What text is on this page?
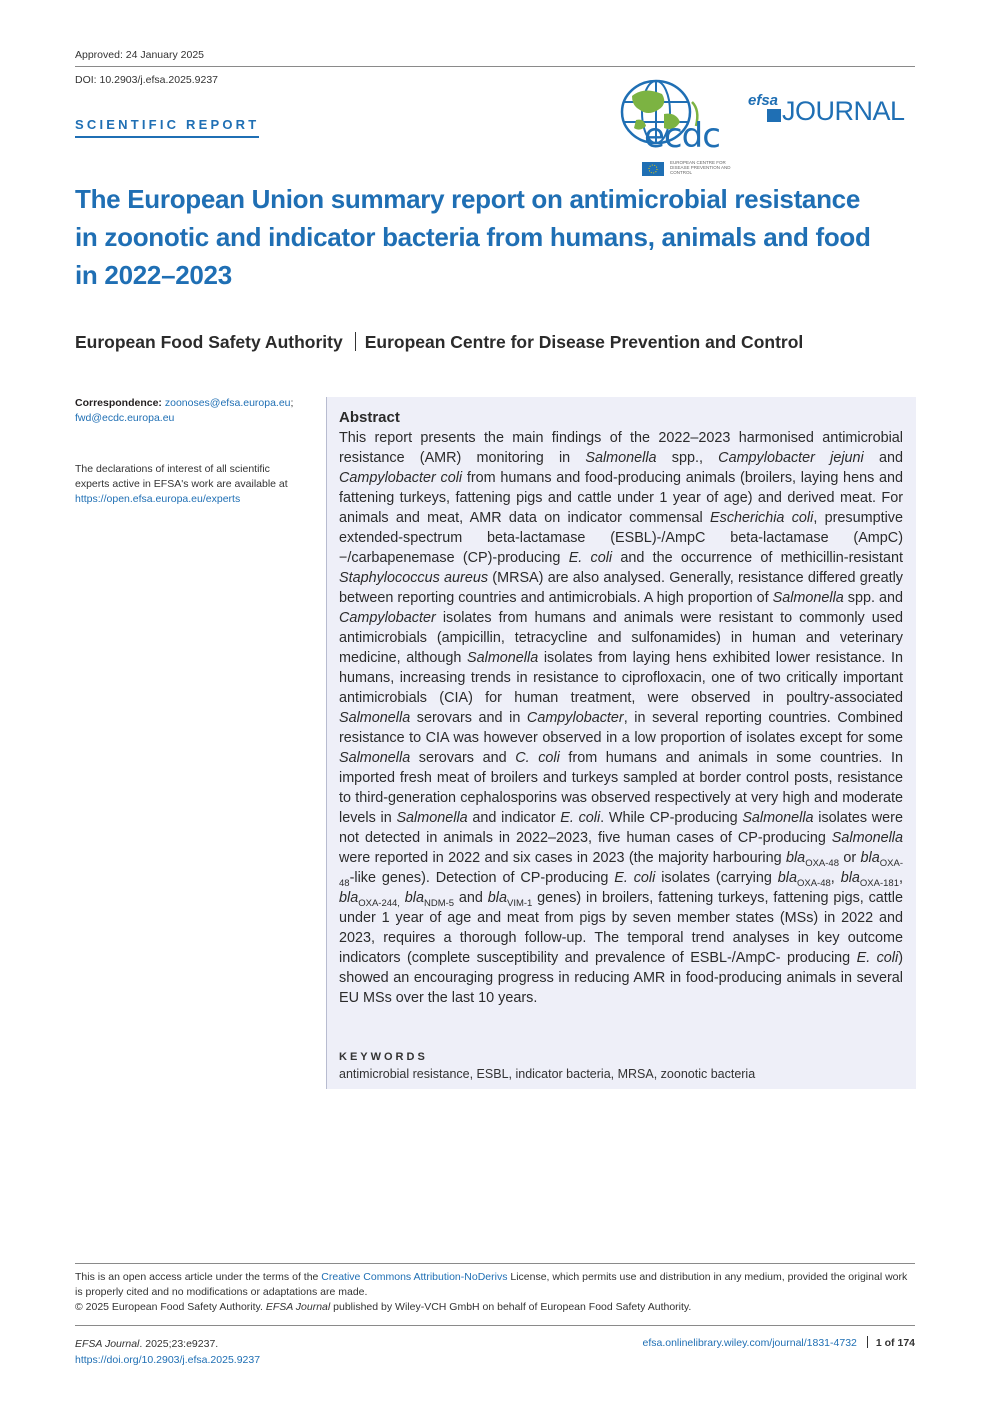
Approved: 24 January 2025
DOI: 10.2903/j.efsa.2025.9237
SCIENTIFIC REPORT	ecdc
EUROPEAN CENTRE FOR DISEASE PREVENTION AND CONTROL
efsa JOURNAL
The European Union summary report on antimicrobial resistance in zoonotic and indicator bacteria from humans, animals and food in 2022–2023
European Food Safety Authority European Centre for Disease Prevention and Control
Correspondence: zoonoses@efsa.europa.eu;
fwd@ecdc.europa.eu
The declarations of interest of all scientific experts active in EFSA's work are available at https://open.efsa.europa.eu/experts
Abstract

This report presents the main findings of the 2022–2023 harmonised antimicrobial resistance (AMR) monitoring in Salmonella spp., Campylobacter jejuni and Campylobacter coli from humans and food-producing animals (broilers, laying hens and fattening turkeys, fattening pigs and cattle under 1 year of age) and derived meat. For animals and meat, AMR data on indicator commensal Escherichia coli, presumptive extended-spectrum beta-lactamase (ESBL)-/AmpC beta-lactamase (AmpC)−/carbapenemase (CP)-producing E. coli and the occurrence of methicillin-resistant Staphylococcus aureus (MRSA) are also analysed. Generally, resistance differed greatly between reporting countries and antimicrobials. A high proportion of Salmonella spp. and Campylobacter isolates from humans and animals were resistant to commonly used antimicrobials (ampicillin, tetracycline and sulfonamides) in human and veterinary medicine, although Salmonella isolates from laying hens exhibited lower resistance. In humans, increasing trends in resistance to ciprofloxacin, one of two critically important antimicrobials (CIA) for human treatment, were observed in poultry-associated Salmonella serovars and in Campylobacter, in several reporting countries. Combined resistance to CIA was however observed in a low proportion of isolates except for some Salmonella serovars and C. coli from humans and animals in some countries. In imported fresh meat of broilers and turkeys sampled at border control posts, resistance to third-generation cephalosporins was observed respectively at very high and moderate levels in Salmonella and indicator E. coli. While CP-producing Salmonella isolates were not detected in animals in 2022–2023, five human cases of CP-producing Salmonella were reported in 2022 and six cases in 2023 (the majority harbouring bla$_{OXA-48}$ or bla$_{OXA-48}$-like genes). Detection of CP-producing E. coli isolates (carrying bla$_{OXA-48}$, bla$_{OXA-181}$, bla$_{OXA-244,}$ bla$_{NDM-5}$ and bla$_{VIM-1}$ genes) in broilers, fattening turkeys, fattening pigs, cattle under 1 year of age and meat from pigs by seven member states (MSs) in 2022 and 2023, requires a thorough follow-up. The temporal trend analyses in key outcome indicators (complete susceptibility and prevalence of ESBL-/AmpC- producing E. coli) showed an encouraging progress in reducing AMR in food-producing animals in several EU MSs over the last 10 years.

KEYWORDS
antimicrobial resistance, ESBL, indicator bacteria, MRSA, zoonotic bacteria
This is an open access article under the terms of the Creative Commons Attribution-NoDerivs License, which permits use and distribution in any medium, provided the original work is properly cited and no modifications or adaptations are made.
© 2025 European Food Safety Authority. EFSA Journal published by Wiley-VCH GmbH on behalf of European Food Safety Authority.
EFSA Journal. 2025;23:e9237.
https://doi.org/10.2903/j.efsa.2025.9237
efsa.onlinelibrary.wiley.com/journal/1831-4732 1 of 174
